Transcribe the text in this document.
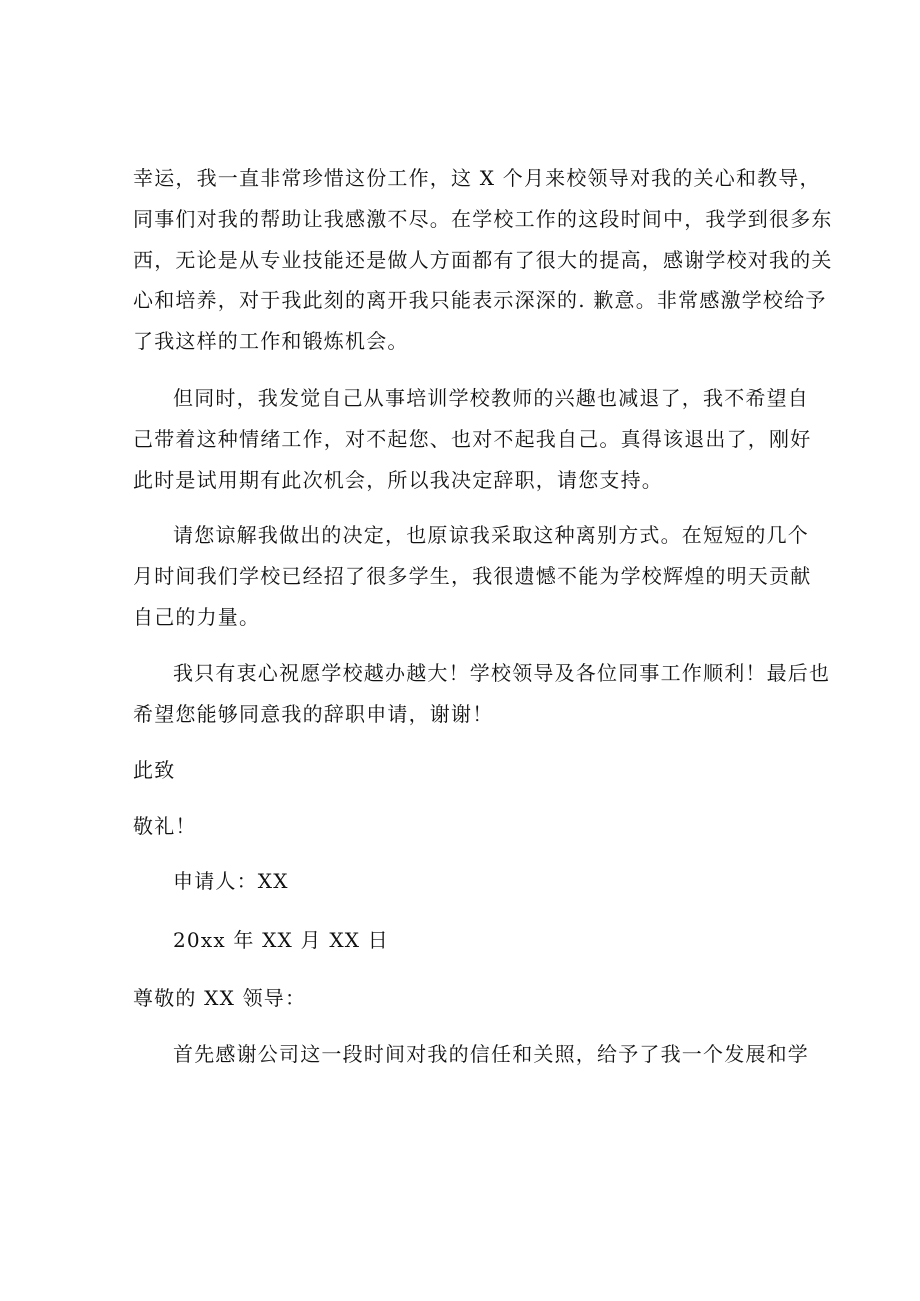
幸运，我一直非常珍惜这份工作，这 X 个月来校领导对我的关心和教导，
同事们对我的帮助让我感激不尽。在学校工作的这段时间中，我学到很多东
西，无论是从专业技能还是做人方面都有了很大的提高，感谢学校对我的关
心和培养，对于我此刻的离开我只能表示深深的. 歉意。非常感激学校给予
了我这样的工作和锻炼机会。
但同时，我发觉自己从事培训学校教师的兴趣也减退了，我不希望自
己带着这种情绪工作，对不起您、也对不起我自己。真得该退出了，刚好
此时是试用期有此次机会，所以我决定辞职，请您支持。
请您谅解我做出的决定，也原谅我采取这种离别方式。在短短的几个
月时间我们学校已经招了很多学生，我很遗憾不能为学校辉煌的明天贡献
自己的力量。
我只有衷心祝愿学校越办越大！学校领导及各位同事工作顺利！最后也
希望您能够同意我的辞职申请，谢谢！
此致
敬礼！
申请人：XX
20xx 年 XX 月 XX 日
尊敬的 XX 领导：
首先感谢公司这一段时间对我的信任和关照，给予了我一个发展和学
